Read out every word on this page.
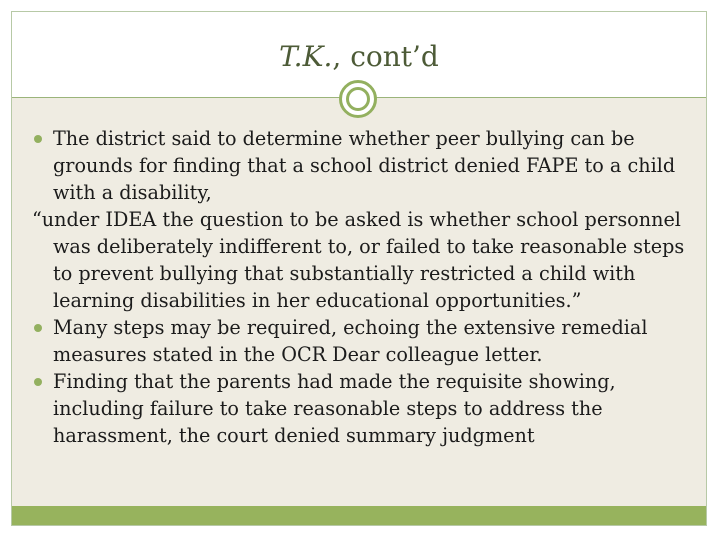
T.K., cont’d
The district said to determine whether peer bullying can be grounds for finding that a school district denied FAPE to a child with a disability,
“under IDEA the question to be asked is whether school personnel was deliberately indifferent to, or failed to take reasonable steps to prevent bullying that substantially restricted a child with learning disabilities in her educational opportunities.”
Many steps may be required, echoing the extensive remedial measures stated in the OCR Dear colleague letter.
Finding that the parents had made the requisite showing, including failure to take reasonable steps to address the harassment, the court denied summary judgment
